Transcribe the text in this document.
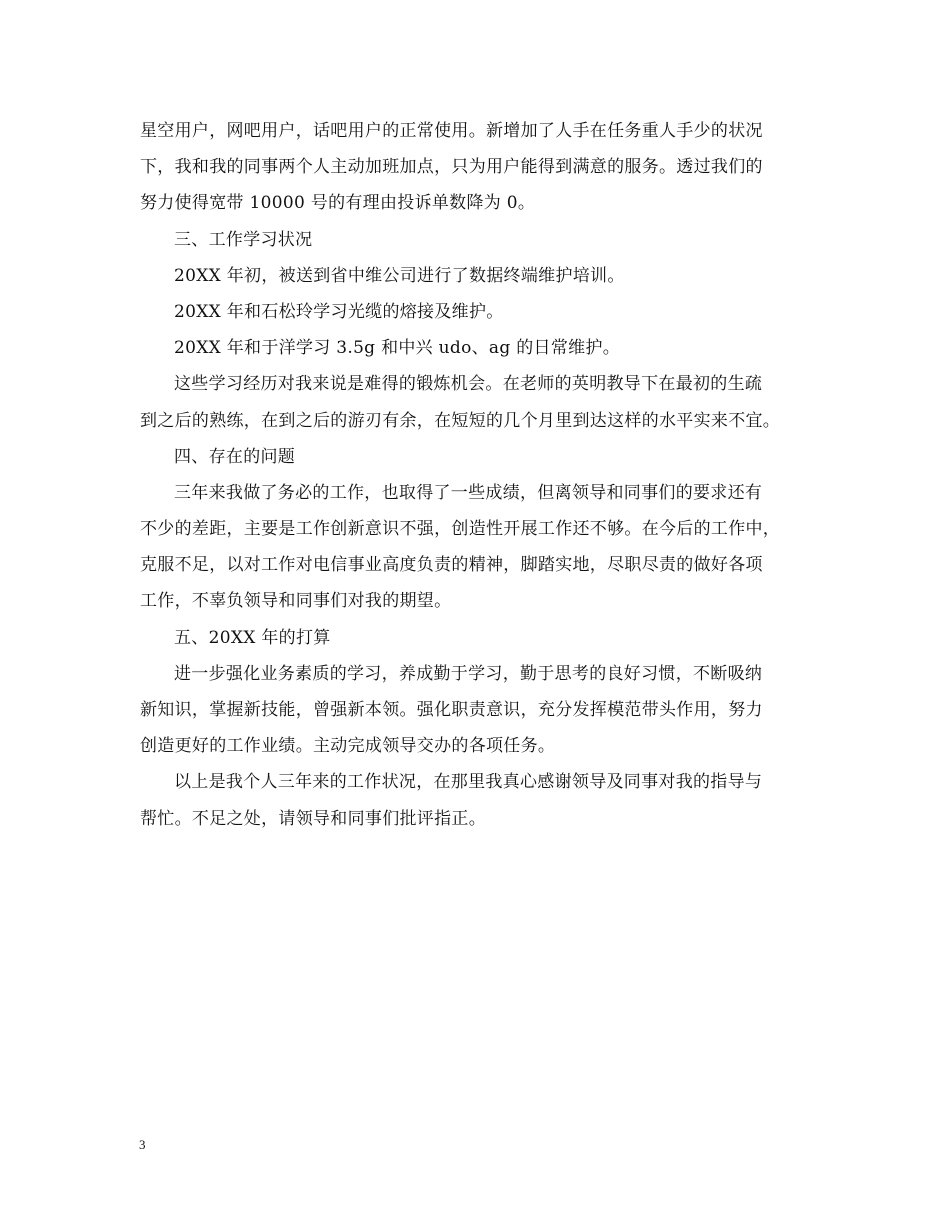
星空用户，网吧用户，话吧用户的正常使用。新增加了人手在任务重人手少的状况
下，我和我的同事两个人主动加班加点，只为用户能得到满意的服务。透过我们的
努力使得宽带 10000 号的有理由投诉单数降为 0。
三、工作学习状况
20XX 年初，被送到省中维公司进行了数据终端维护培训。
20XX 年和石松玲学习光缆的熔接及维护。
20XX 年和于洋学习 3.5g 和中兴 udo、ag 的日常维护。
这些学习经历对我来说是难得的锻炼机会。在老师的英明教导下在最初的生疏
到之后的熟练，在到之后的游刃有余，在短短的几个月里到达这样的水平实来不宜。
四、存在的问题
三年来我做了务必的工作，也取得了一些成绩，但离领导和同事们的要求还有
不少的差距，主要是工作创新意识不强，创造性开展工作还不够。在今后的工作中，
克服不足，以对工作对电信事业高度负责的精神，脚踏实地，尽职尽责的做好各项
工作，不辜负领导和同事们对我的期望。
五、20XX 年的打算
进一步强化业务素质的学习，养成勤于学习，勤于思考的良好习惯，不断吸纳
新知识，掌握新技能，曾强新本领。强化职责意识，充分发挥模范带头作用，努力
创造更好的工作业绩。主动完成领导交办的各项任务。
以上是我个人三年来的工作状况，在那里我真心感谢领导及同事对我的指导与
帮忙。不足之处，请领导和同事们批评指正。
3
